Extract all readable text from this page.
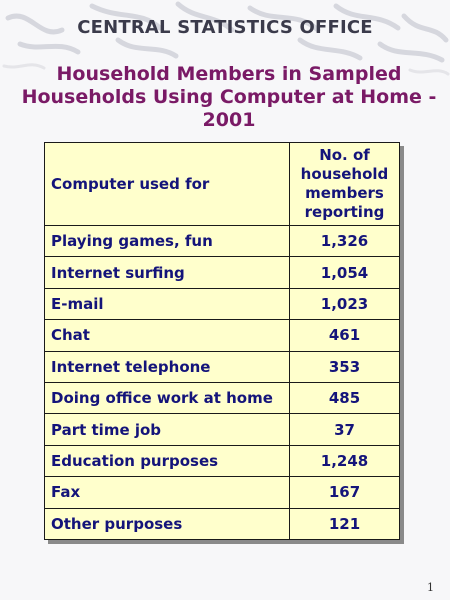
CENTRAL STATISTICS OFFICE
Household Members in Sampled Households Using Computer at Home - 2001
Computer used for	No. of household members reporting
Playing games, fun	1,326
Internet surfing	1,054
E-mail	1,023
Chat	461
Internet telephone	353
Doing office work at home	485
Part time job	37
Education purposes	1,248
Fax	167
Other purposes	121
1
